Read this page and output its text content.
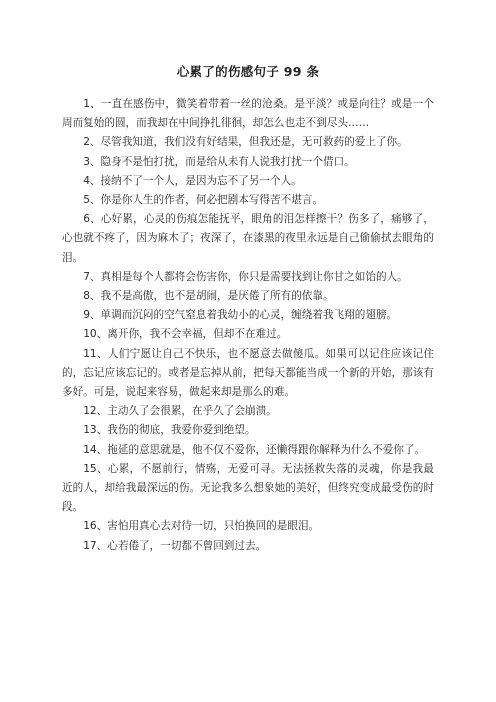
心累了的伤感句子 99 条

1、一直在感伤中，微笑着带着一丝的沧桑。是平淡？或是向往？或是一个周而复始的圆，而我却在中间挣扎徘徊，却怎么也走不到尽头……

2、尽管我知道，我们没有好结果，但我还是，无可救药的爱上了你。

3、隐身不是怕打扰，而是给从未有人说我打扰一个借口。

4、接纳不了一个人，是因为忘不了另一个人。

5、你是你人生的作者，何必把剧本写得苦不堪言。

6、心好累，心灵的伤痕怎能抚平，眼角的泪怎样擦干？伤多了，痛够了，心也就不疼了，因为麻木了；夜深了，在漆黑的夜里永远是自己偷偷拭去眼角的泪。

7、真相是每个人都将会伤害你，你只是需要找到让你甘之如饴的人。

8、我不是高傲，也不是胡闹，是厌倦了所有的依靠。

9、单调而沉闷的空气窒息着我幼小的心灵，缠绕着我飞翔的翅膀。

10、离开你，我不会幸福，但却不在难过。

11、人们宁愿让自己不快乐，也不愿意去做傻瓜。如果可以记住应该记住的，忘记应该忘记的。或者是忘掉从前，把每天都能当成一个新的开始，那该有多好。可是，说起来容易，做起来却是那么的难。

12、主动久了会很累，在乎久了会崩溃。

13、我伤的彻底，我爱你爱到绝望。

14、拖延的意思就是，他不仅不爱你，还懒得跟你解释为什么不爱你了。

15、心累，不愿前行，情殇，无爱可寻。无法拯救失落的灵魂，你是我最近的人，却给我最深远的伤。无论我多么想象她的美好，但终究变成最受伤的时段。

16、害怕用真心去对待一切，只怕换回的是眼泪。

17、心若倦了，一切都不曾回到过去。
